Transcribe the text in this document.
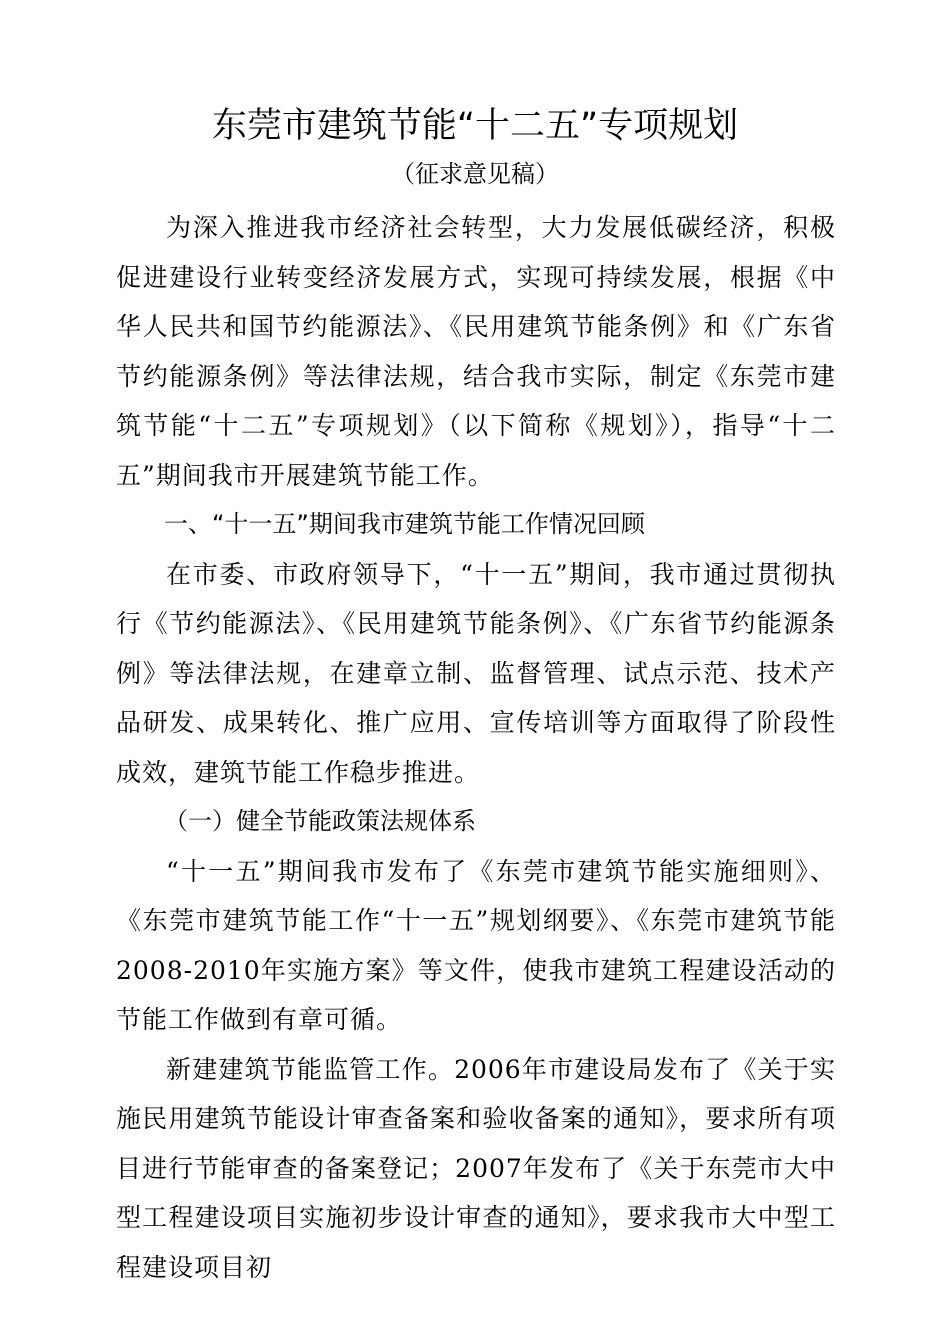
东莞市建筑节能“十二五”专项规划
（征求意见稿）

为深入推进我市经济社会转型，大力发展低碳经济，积极促进建设行业转变经济发展方式，实现可持续发展，根据《中华人民共和国节约能源法》、《民用建筑节能条例》和《广东省节约能源条例》等法律法规，结合我市实际，制定《东莞市建筑节能“十二五”专项规划》（以下简称《规划》），指导“十二五”期间我市开展建筑节能工作。

一、“十一五”期间我市建筑节能工作情况回顾

在市委、市政府领导下，“十一五”期间，我市通过贯彻执行《节约能源法》、《民用建筑节能条例》、《广东省节约能源条例》等法律法规，在建章立制、监督管理、试点示范、技术产品研发、成果转化、推广应用、宣传培训等方面取得了阶段性成效，建筑节能工作稳步推进。

（一）健全节能政策法规体系

“十一五”期间我市发布了《东莞市建筑节能实施细则》、《东莞市建筑节能工作“十一五”规划纲要》、《东莞市建筑节能2008-2010年实施方案》等文件，使我市建筑工程建设活动的节能工作做到有章可循。

新建建筑节能监管工作。2006年市建设局发布了《关于实施民用建筑节能设计审查备案和验收备案的通知》，要求所有项目进行节能审查的备案登记；2007年发布了《关于东莞市大中型工程建设项目实施初步设计审查的通知》，要求我市大中型工程建设项目初
